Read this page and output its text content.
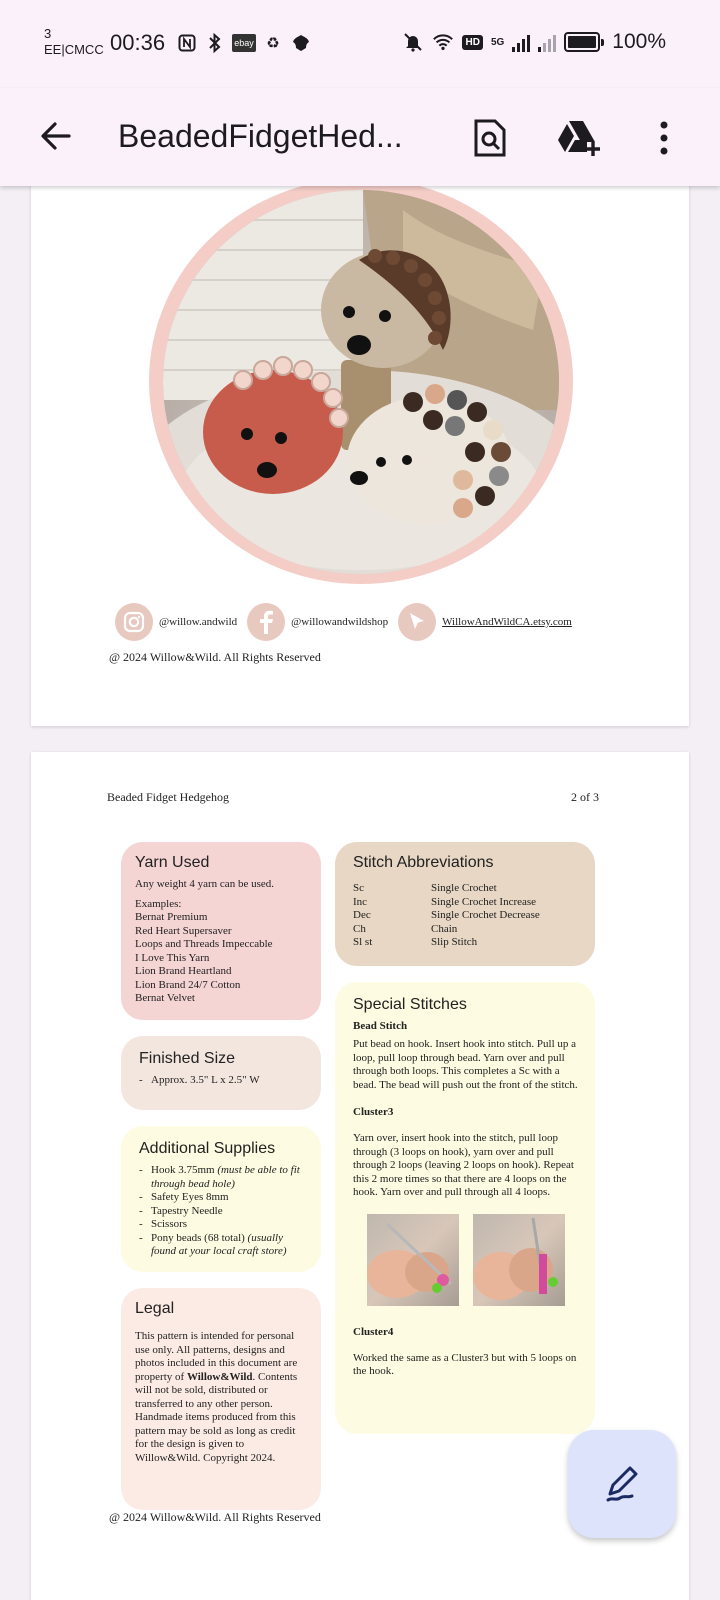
3
EE|CMCC 00:36	ebay ♻	HD	5G	100%
BeadedFidgetHed...
@willow.andwild	@willowandwildshop	WillowAndWildCA.etsy.com
@ 2024 Willow&Wild. All Rights Reserved
Beaded Fidget Hedgehog	2 of 3
Yarn Used

Any weight 4 yarn can be used.

Examples:

Bernat Premium

Red Heart Supersaver

Loops and Threads Impeccable

I Love This Yarn

Lion Brand Heartland

Lion Brand 24/7 Cotton

Bernat Velvet

Finished Size
- Approx. 3.5" L x 2.5" W
Additional Supplies
- Hook 3.75mm (must be able to fit through bead hole)
- Safety Eyes 8mm
- Tapestry Needle
- Scissors
- Pony beads (68 total) (usually found at your local craft store)
Legal

This pattern is intended for personal use only. All patterns, designs and photos included in this document are property of Willow&Wild. Contents will not be sold, distributed or transferred to any other person. Handmade items produced from this pattern may be sold as long as credit for the design is given to Willow&Wild. Copyright 2024.

Stitch Abbreviations
Sc	Single Crochet
Inc	Single Crochet Increase
Dec	Single Crochet Decrease
Ch	Chain
Sl st	Slip Stitch
Special Stitches
Bead Stitch

Put bead on hook. Insert hook into stitch. Pull up a loop, pull loop through bead. Yarn over and pull through both loops. This completes a Sc with a bead. The bead will push out the front of the stitch.

Cluster3

Yarn over, insert hook into the stitch, pull loop through (3 loops on hook), yarn over and pull through 2 loops (leaving 2 loops on hook). Repeat this 2 more times so that there are 4 loops on the hook. Yarn over and pull through all 4 loops.

Cluster4

Worked the same as a Cluster3 but with 5 loops on the hook.

@ 2024 Willow&Wild. All Rights Reserved
